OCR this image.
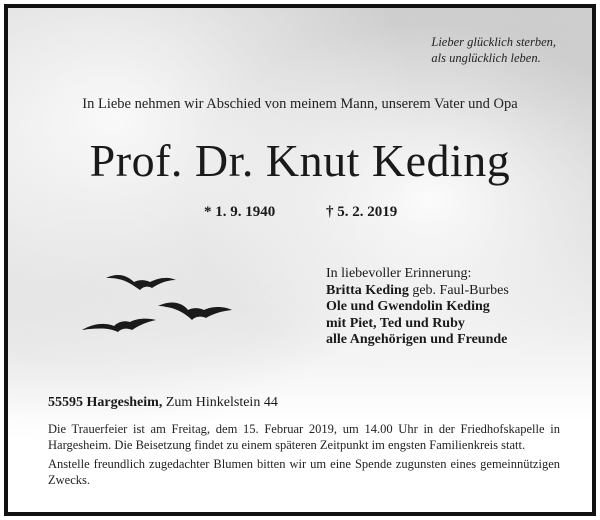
Lieber glücklich sterben,
als unglücklich leben.
In Liebe nehmen wir Abschied von meinem Mann, unserem Vater und Opa
Prof. Dr. Knut Keding
* 1. 9. 1940	† 5. 2. 2019
In liebevoller Erinnerung:
Britta Keding geb. Faul-Burbes
Ole und Gwendolin Keding
mit Piet, Ted und Ruby
alle Angehörigen und Freunde
55595 Hargesheim, Zum Hinkelstein 44

Die Trauerfeier ist am Freitag, dem 15. Februar 2019, um 14.00 Uhr in der Friedhofskapelle in Hargesheim. Die Beisetzung findet zu einem späteren Zeitpunkt im engsten Familienkreis statt.

Anstelle freundlich zugedachter Blumen bitten wir um eine Spende zugunsten eines gemeinnützigen Zwecks.
